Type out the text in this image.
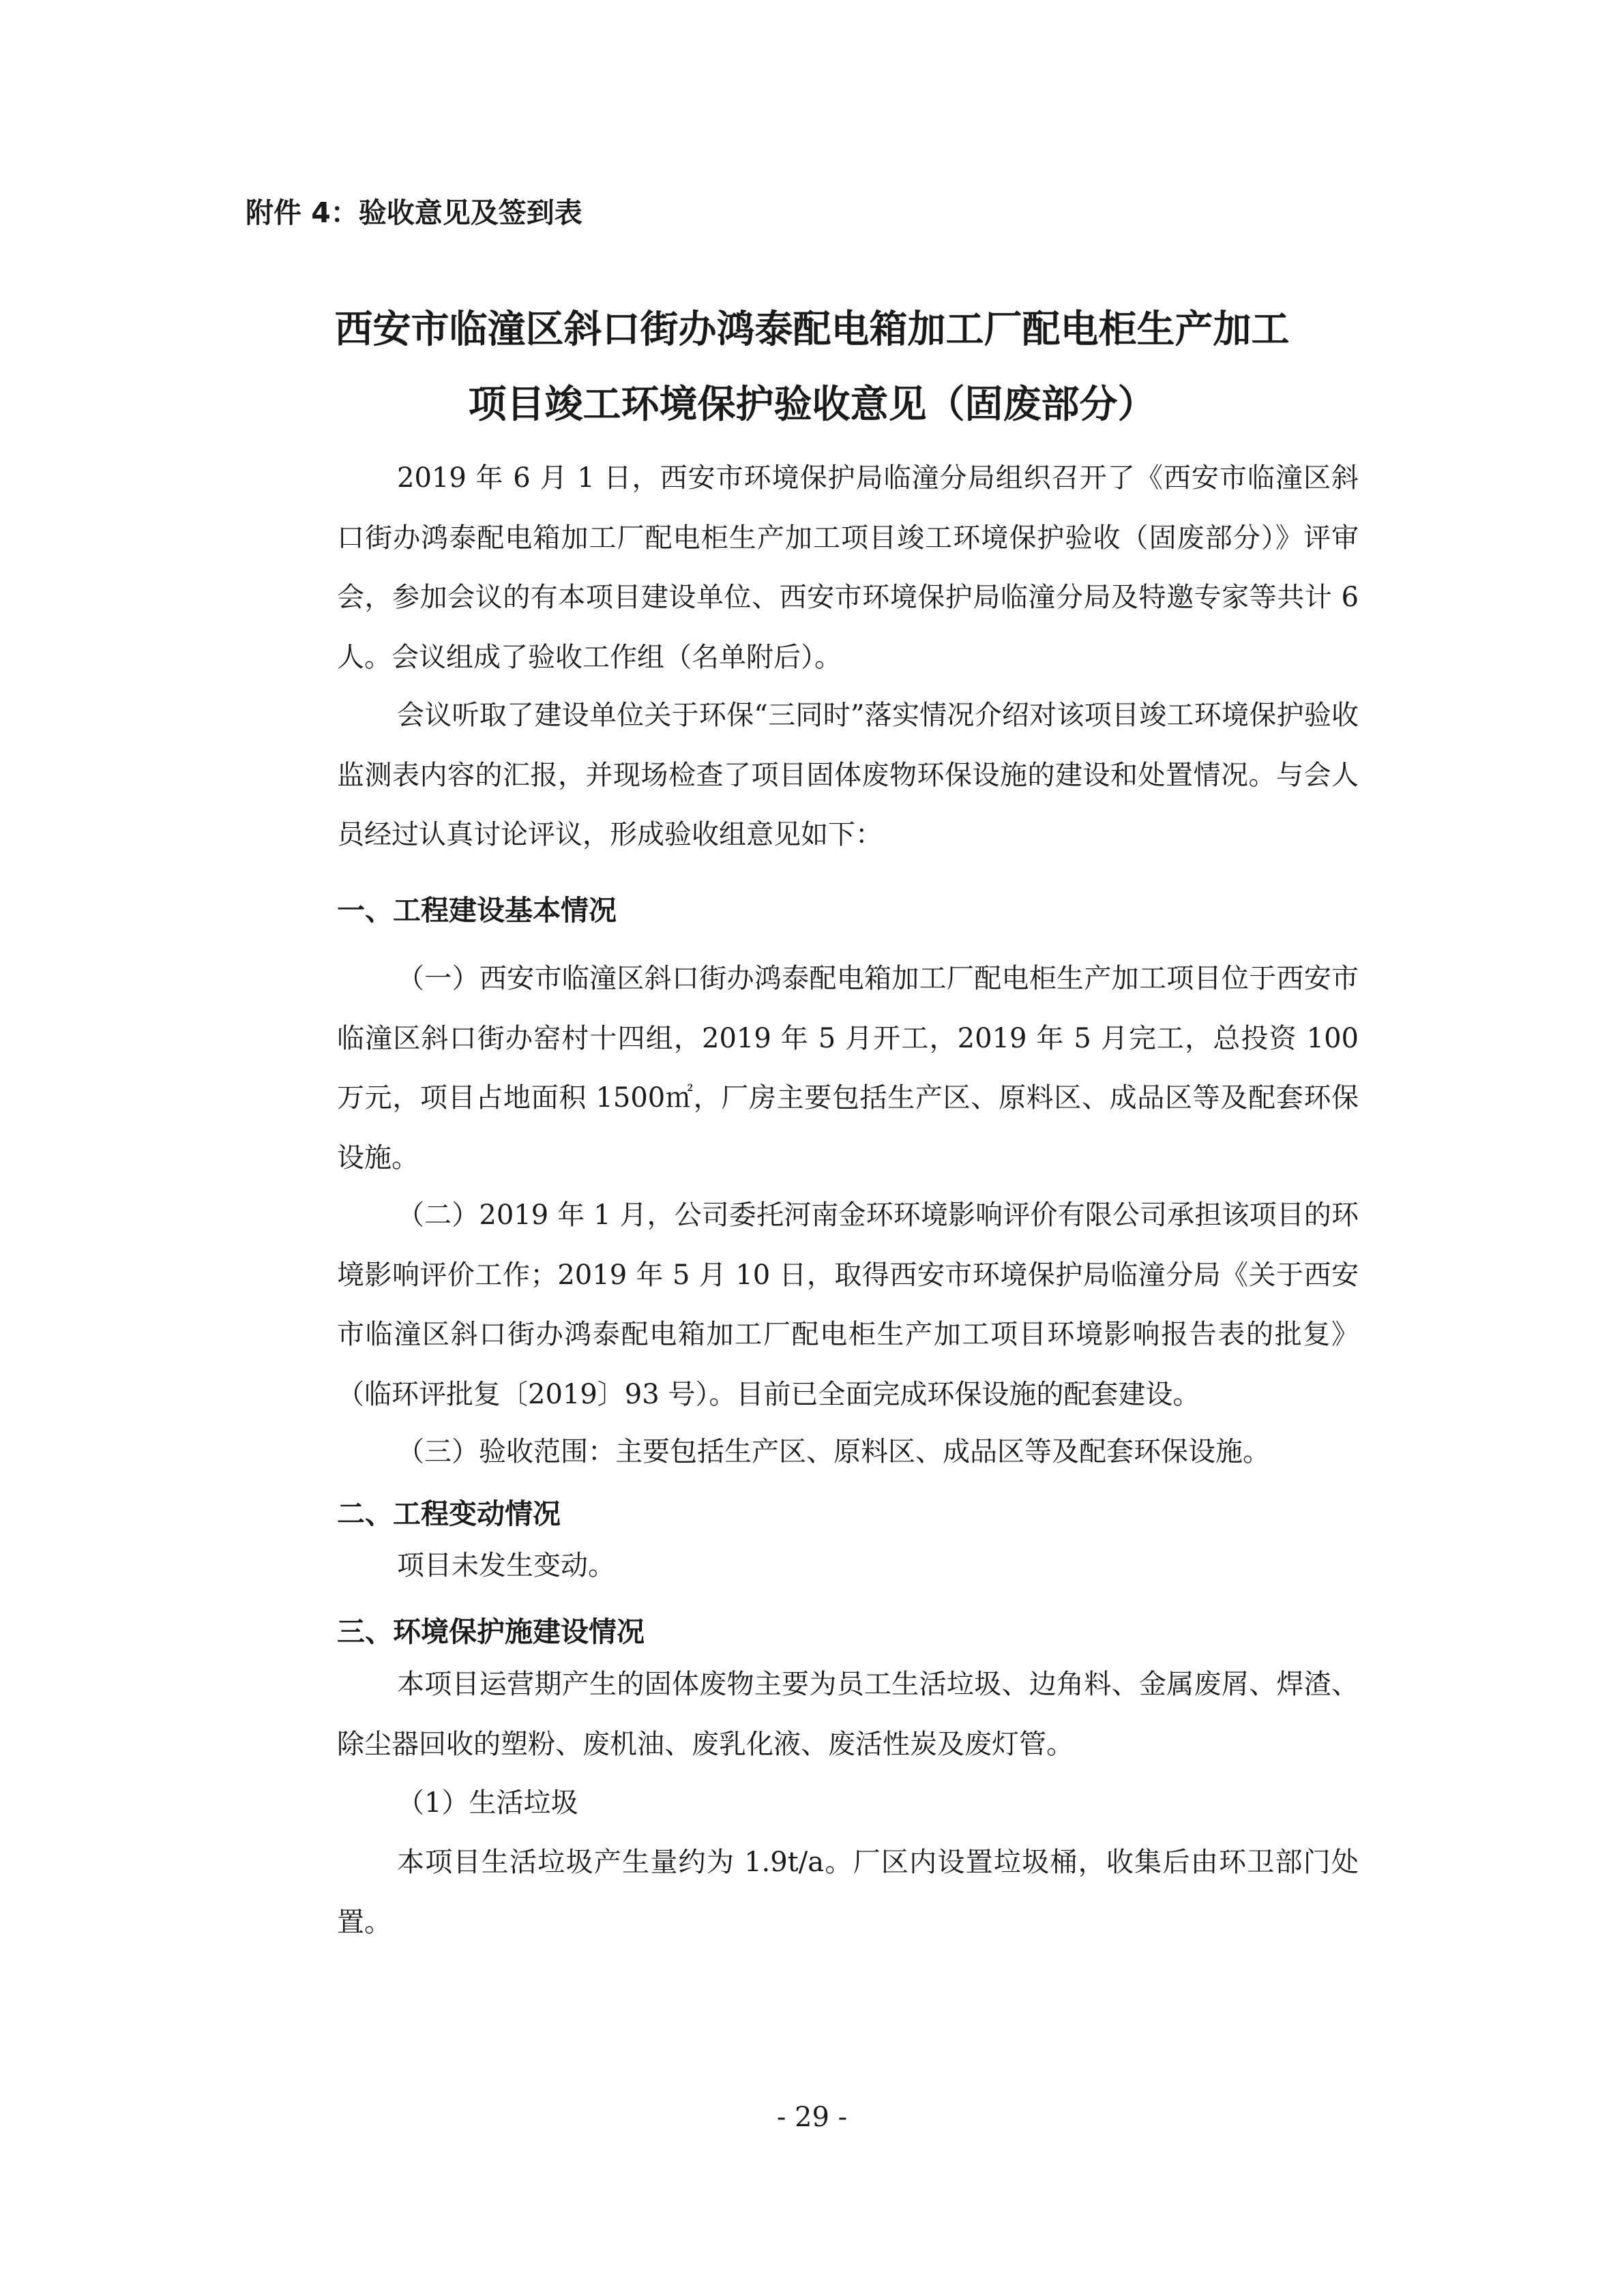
附件 4：验收意见及签到表
西安市临潼区斜口街办鸿泰配电箱加工厂配电柜生产加工
项目竣工环境保护验收意见（固废部分）

2019 年 6 月 1 日，西安市环境保护局临潼分局组织召开了《西安市临潼区斜口街办鸿泰配电箱加工厂配电柜生产加工项目竣工环境保护验收（固废部分）》评审会，参加会议的有本项目建设单位、西安市环境保护局临潼分局及特邀专家等共计 6 人。会议组成了验收工作组（名单附后）。

会议听取了建设单位关于环保“三同时”落实情况介绍对该项目竣工环境保护验收监测表内容的汇报，并现场检查了项目固体废物环保设施的建设和处置情况。与会人员经过认真讨论评议，形成验收组意见如下：

一、工程建设基本情况

（一）西安市临潼区斜口街办鸿泰配电箱加工厂配电柜生产加工项目位于西安市临潼区斜口街办窑村十四组，2019 年 5 月开工，2019 年 5 月完工，总投资 100 万元，项目占地面积 1500㎡，厂房主要包括生产区、原料区、成品区等及配套环保设施。

（二）2019 年 1 月，公司委托河南金环环境影响评价有限公司承担该项目的环境影响评价工作；2019 年 5 月 10 日，取得西安市环境保护局临潼分局《关于西安市临潼区斜口街办鸿泰配电箱加工厂配电柜生产加工项目环境影响报告表的批复》（临环评批复〔2019〕93 号）。目前已全面完成环保设施的配套建设。

（三）验收范围：主要包括生产区、原料区、成品区等及配套环保设施。

二、工程变动情况

项目未发生变动。

三、环境保护施建设情况

本项目运营期产生的固体废物主要为员工生活垃圾、边角料、金属废屑、焊渣、除尘器回收的塑粉、废机油、废乳化液、废活性炭及废灯管。

（1）生活垃圾

本项目生活垃圾产生量约为 1.9t/a。厂区内设置垃圾桶，收集后由环卫部门处置。

- 29 -
